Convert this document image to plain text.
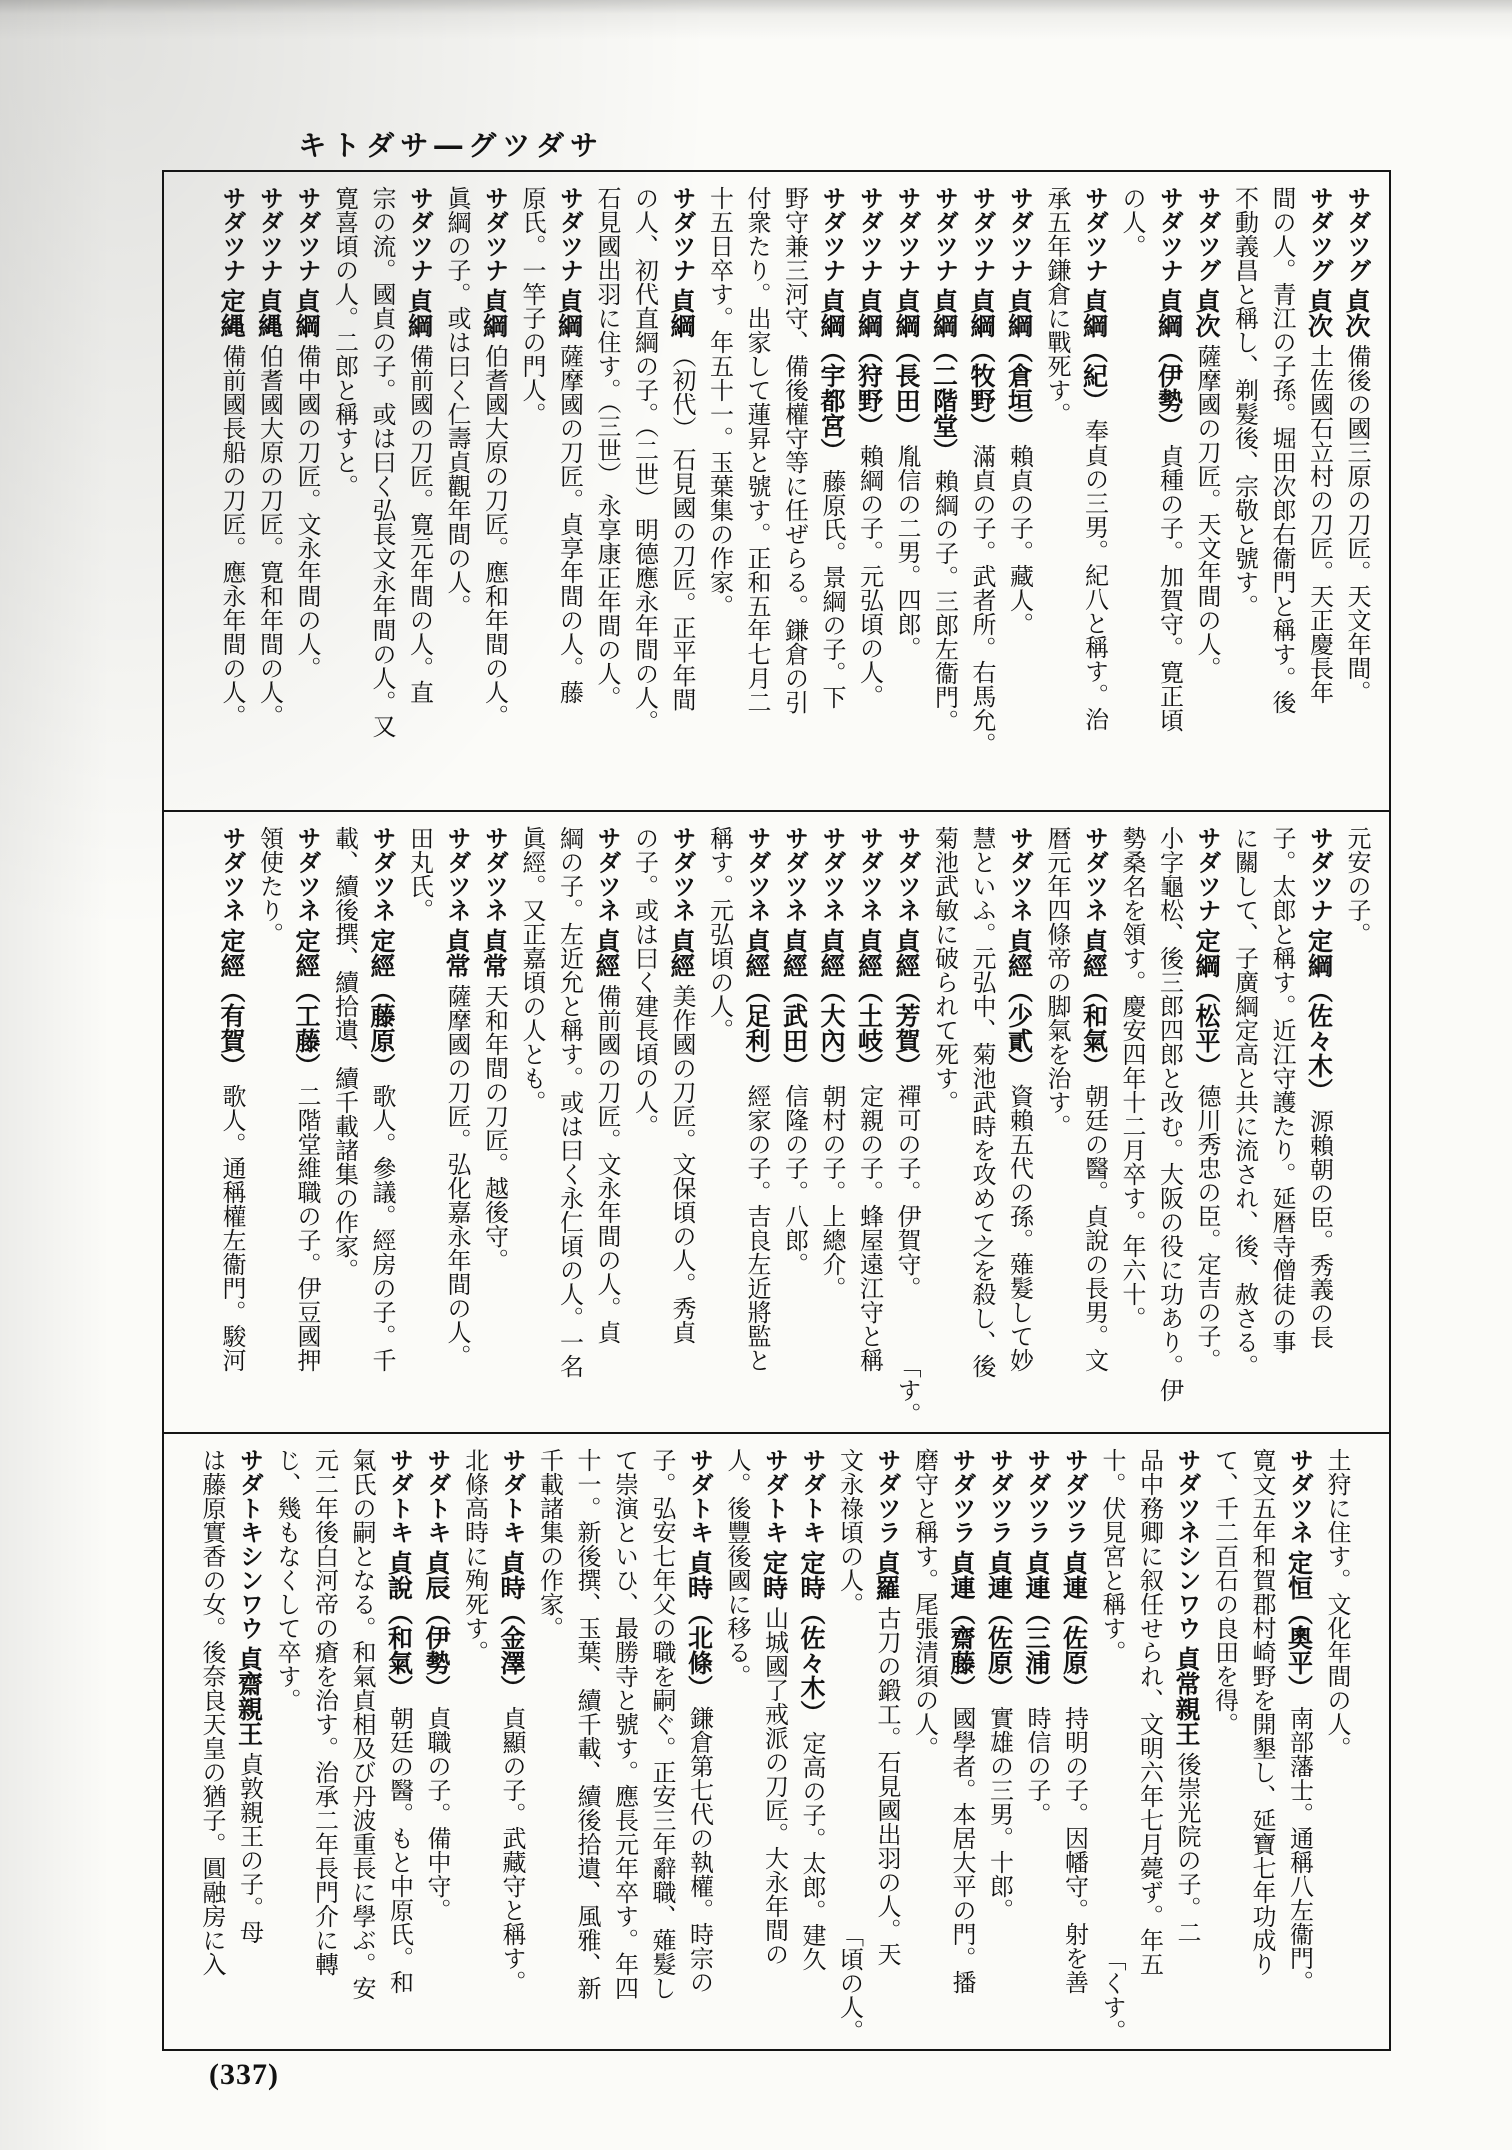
サダツグ―サダトキ
サダツグ
貞次
備後の國三原の刀匠。天文年間。
サダツグ
貞次
土佐國石立村の刀匠。天正慶長年
間の人。青江の子孫。堀田次郎右衞門と稱す。後
不動義昌と稱し、剃髮後、宗敬と號す。
サダツグ
貞次
薩摩國の刀匠。天文年間の人。
サダツナ
貞綱（伊勢）
貞種の子。加賀守。寛正頃
の人。
サダツナ
貞綱（紀）
奉貞の三男。紀八と稱す。治
承五年鎌倉に戰死す。
サダツナ
貞綱（倉垣）
賴貞の子。藏人。
サダツナ
貞綱（牧野）
滿貞の子。武者所。右馬允。
サダツナ
貞綱（二階堂）
賴綱の子。三郎左衞門。
サダツナ
貞綱（長田）
胤信の二男。四郎。
サダツナ
貞綱（狩野）
賴綱の子。元弘頃の人。
サダツナ
貞綱（宇都宮）
藤原氏。景綱の子。下
野守兼三河守、備後權守等に任ぜらる。鎌倉の引
付衆たり。出家して蓮昇と號す。正和五年七月二
十五日卒す。年五十一。玉葉集の作家。
サダツナ
貞綱
（初代） 石見國の刀匠。正平年間
の人、初代直綱の子。（二世） 明德應永年間の人。
石見國出羽に住す。（三世） 永享康正年間の人。
サダツナ
貞綱
薩摩國の刀匠。貞享年間の人。藤
原氏。一竿子の門人。
サダツナ
貞綱
伯耆國大原の刀匠。應和年間の人。
眞綱の子。或は曰く仁壽貞觀年間の人。
サダツナ
貞綱
備前國の刀匠。寛元年間の人。直
宗の流。國貞の子。或は曰く弘長文永年間の人。又
寛喜頃の人。二郎と稱すと。
サダツナ
貞綱
備中國の刀匠。文永年間の人。
サダツナ
貞縄
伯耆國大原の刀匠。寛和年間の人。
サダツナ
定縄
備前國長船の刀匠。應永年間の人。
元安の子。
サダツナ
定綱（佐々木）
源賴朝の臣。秀義の長
子。太郎と稱す。近江守護たり。延暦寺僧徒の事
に關して、子廣綱定高と共に流され、後、赦さる。
サダツナ
定綱（松平）
德川秀忠の臣。定吉の子。
小字龜松、後三郎四郎と改む。大阪の役に功あり。伊
勢桑名を領す。慶安四年十二月卒す。年六十。
サダツネ
貞經（和氣）
朝廷の醫。貞說の長男。文
暦元年四條帝の脚氣を治す。
サダツネ
貞經（少貳）
資賴五代の孫。薙髮して妙
慧といふ。元弘中、菊池武時を攻めて之を殺し、後
菊池武敏に破られて死す。
サダツネ
貞經（芳賀）
禪可の子。伊賀守。
「す。
サダツネ
貞經（土岐）
定親の子。蜂屋遠江守と稱
サダツネ
貞經（大內）
朝村の子。上總介。
サダツネ
貞經（武田）
信隆の子。八郎。
サダツネ
貞經（足利）
經家の子。吉良左近將監と
稱す。元弘頃の人。
サダツネ
貞經
美作國の刀匠。文保頃の人。秀貞
の子。或は曰く建長頃の人。
サダツネ
貞經
備前國の刀匠。文永年間の人。貞
綱の子。左近允と稱す。或は曰く永仁頃の人。一名
眞經。又正嘉頃の人とも。
サダツネ
貞常
天和年間の刀匠。越後守。
サダツネ
貞常
薩摩國の刀匠。弘化嘉永年間の人。
田丸氏。
サダツネ
定經（藤原）
歌人。參議。經房の子。千
載、續後撰、續拾遺、續千載諸集の作家。
サダツネ
定經（工藤）
二階堂維職の子。伊豆國押
領使たり。
サダツネ
定經（有賀）
歌人。通稱權左衞門。駿河
土狩に住す。文化年間の人。
サダツネ
定恒（奧平）
南部藩士。通稱八左衞門。
寛文五年和賀郡村崎野を開墾し、延寶七年功成り
て、千二百石の良田を得。
サダツネシンワウ
貞常親王
後崇光院の子。二
品中務卿に叙任せられ、文明六年七月薨ず。年五
十。伏見宮と稱す。
「くす。
サダツラ
貞連（佐原）
持明の子。因幡守。射を善
サダツラ
貞連（三浦）
時信の子。
サダツラ
貞連（佐原）
實雄の三男。十郎。
サダツラ
貞連（齋藤）
國學者。本居大平の門。播
磨守と稱す。尾張清須の人。
サダツラ
貞羅
古刀の鍛工。石見國出羽の人。天
文永祿頃の人。
「頃の人。
サダトキ
定時（佐々木）
定高の子。太郎。建久
サダトキ
定時
山城國了戒派の刀匠。大永年間の
人。後豐後國に移る。
サダトキ
貞時（北條）
鎌倉第七代の執權。時宗の
子。弘安七年父の職を嗣ぐ。正安三年辭職、薙髮し
て崇演といひ、最勝寺と號す。應長元年卒す。年四
十一。新後撰、玉葉、續千載、續後拾遺、風雅、新
千載諸集の作家。
サダトキ
貞時（金澤）
貞顯の子。武藏守と稱す。
北條高時に殉死す。
サダトキ
貞辰（伊勢）
貞職の子。備中守。
サダトキ
貞說（和氣）
朝廷の醫。もと中原氏。和
氣氏の嗣となる。和氣貞相及び丹波重長に學ぶ。安
元二年後白河帝の瘡を治す。治承二年長門介に轉
じ、幾もなくして卒す。
サダトキシンワウ
貞齋親王
貞敦親王の子。母
は藤原實香の女。後奈良天皇の猶子。圓融房に入
(337)
